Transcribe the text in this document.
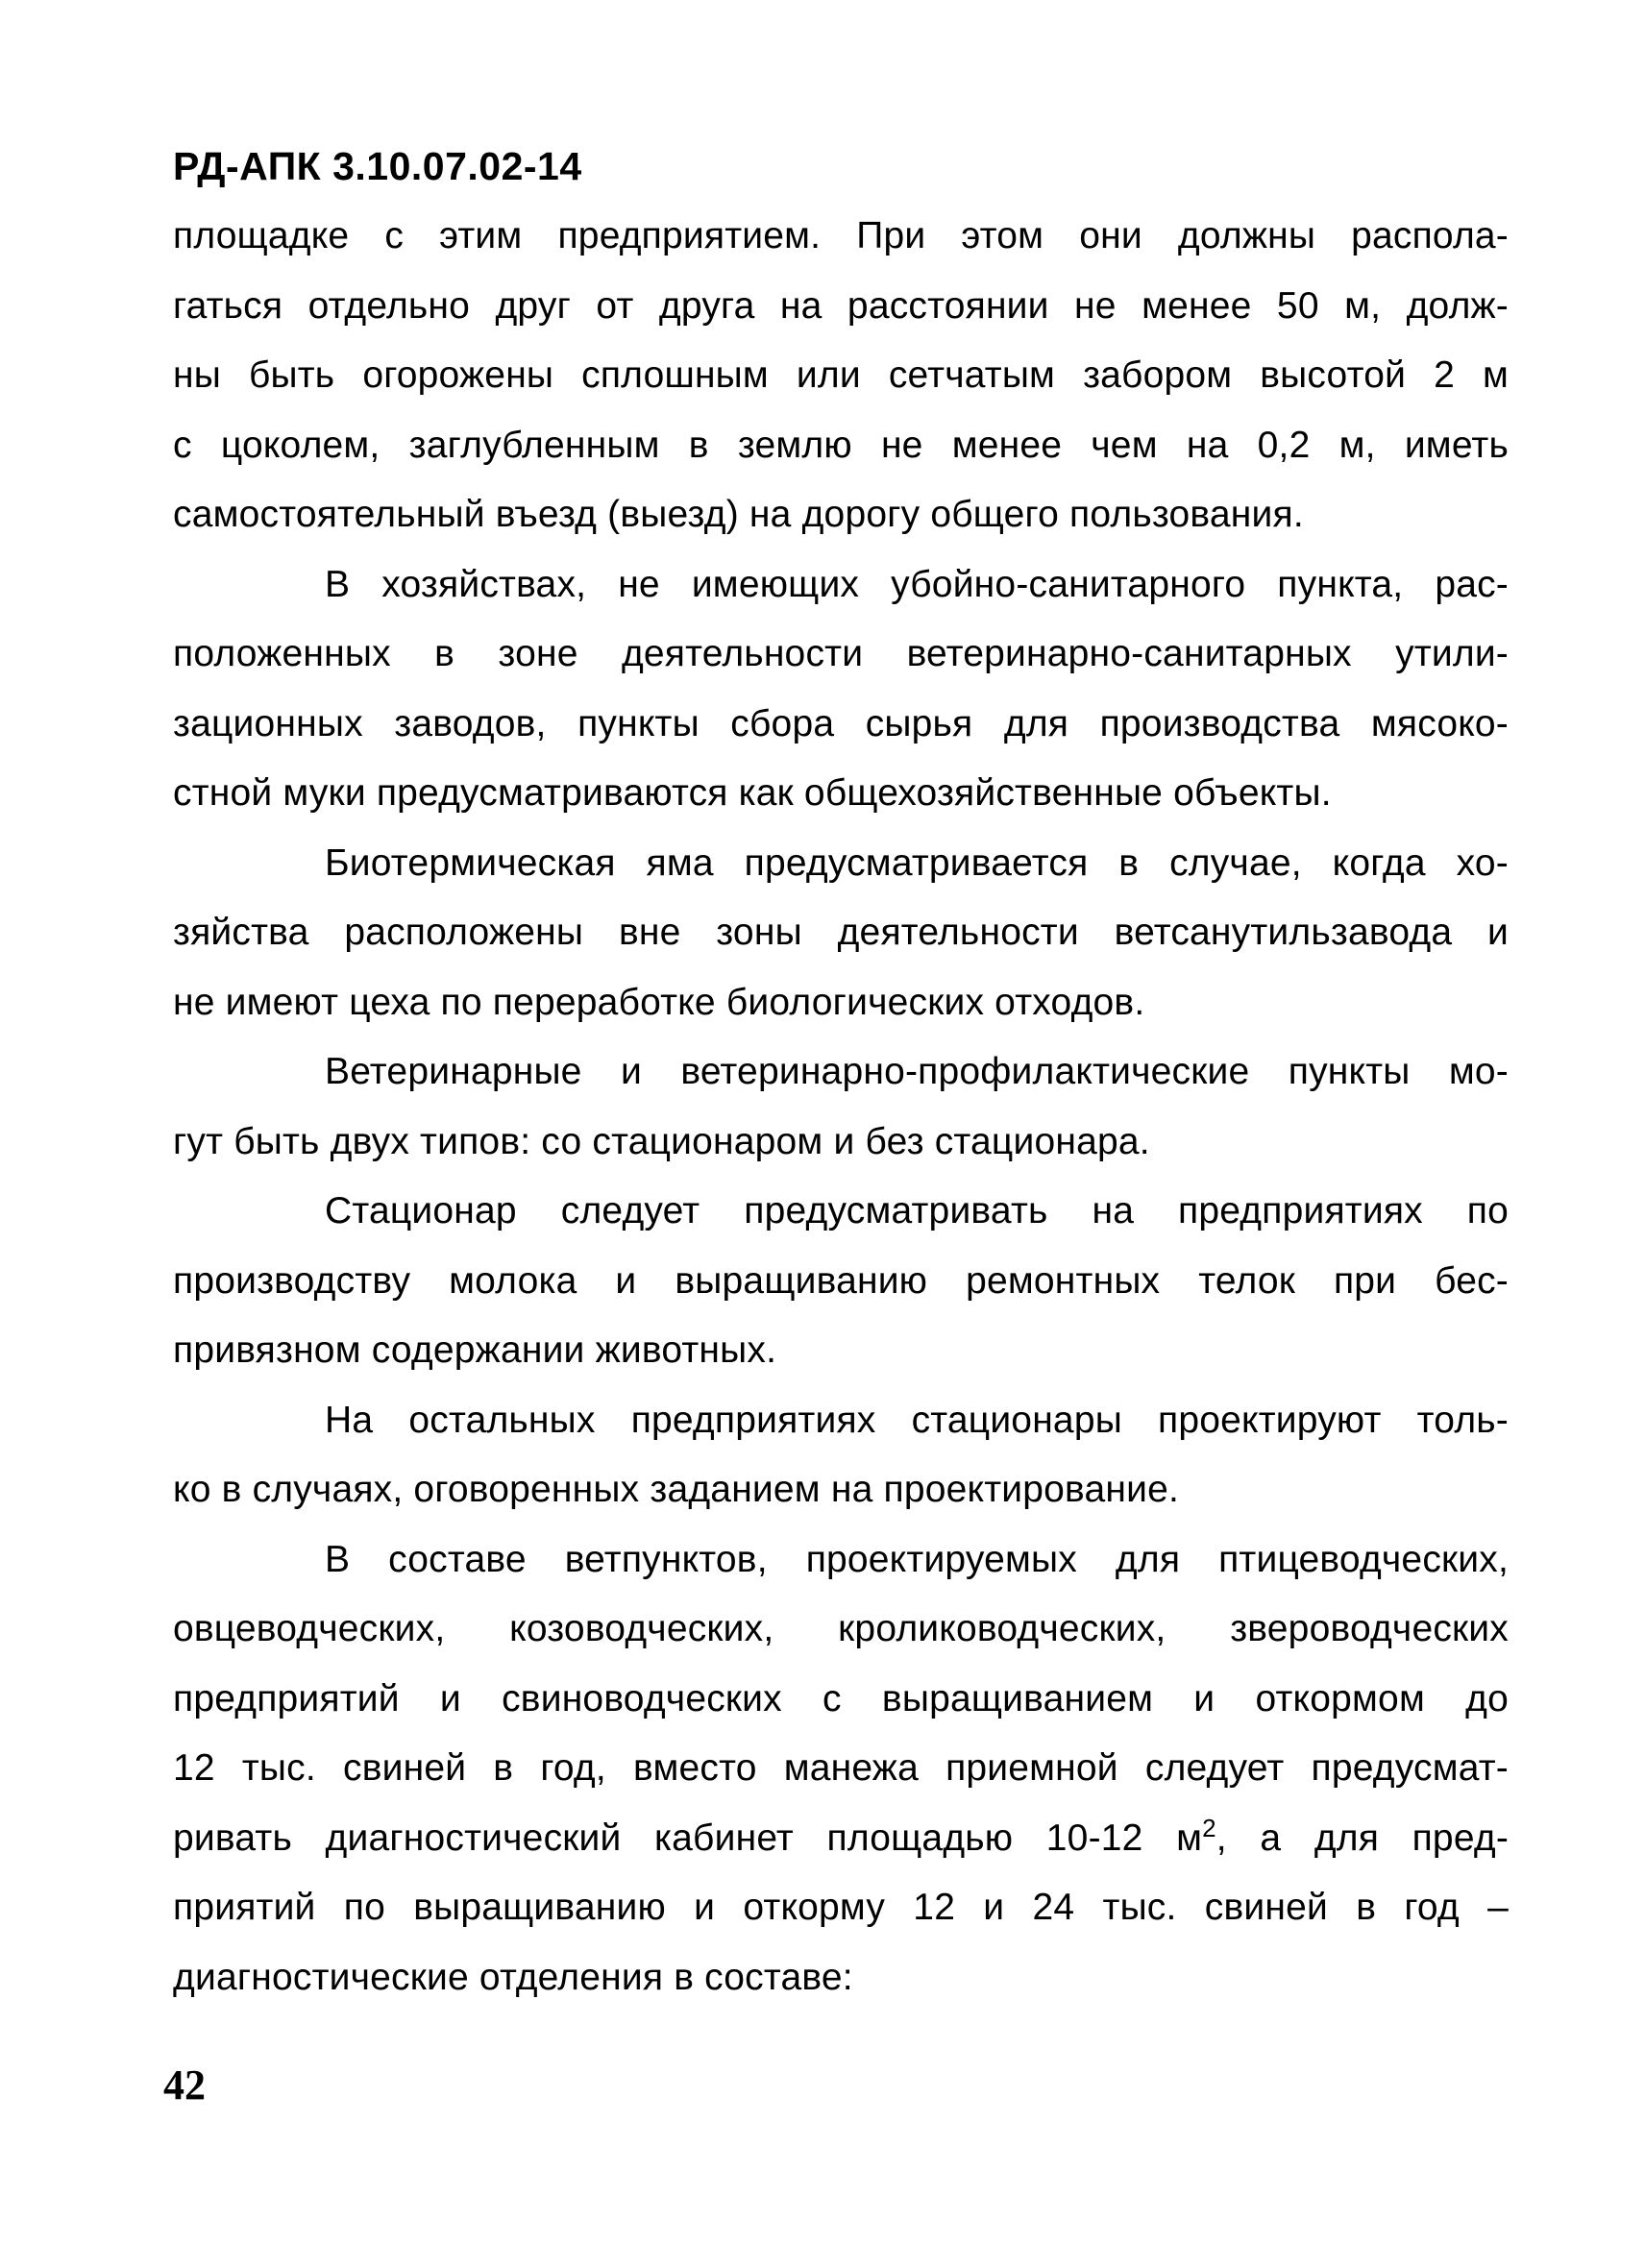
РД-АПК 3.10.07.02-14
площадке с этим предприятием. При этом они должны распола-
гаться отдельно друг от друга на расстоянии не менее 50 м, долж-
ны быть огорожены сплошным или сетчатым забором высотой 2 м
с цоколем, заглубленным в землю не менее чем на 0,2 м, иметь
самостоятельный въезд (выезд) на дорогу общего пользования.
В хозяйствах, не имеющих убойно-санитарного пункта, рас-
положенных в зоне деятельности ветеринарно-санитарных утили-
зационных заводов, пункты сбора сырья для производства мясоко-
стной муки предусматриваются как общехозяйственные объекты.
Биотермическая яма предусматривается в случае, когда хо-
зяйства расположены вне зоны деятельности ветсанутильзавода и
не имеют цеха по переработке биологических отходов.
Ветеринарные и ветеринарно-профилактические пункты мо-
гут быть двух типов: со стационаром и без стационара.
Стационар следует предусматривать на предприятиях по
производству молока и выращиванию ремонтных телок при бес-
привязном содержании животных.
На остальных предприятиях стационары проектируют толь-
ко в случаях, оговоренных заданием на проектирование.
В составе ветпунктов, проектируемых для птицеводческих,
овцеводческих, козоводческих, кролиководческих, звероводческих
предприятий и свиноводческих с выращиванием и откормом до
12 тыс. свиней в год, вместо манежа приемной следует предусмат-
ривать диагностический кабинет площадью 10-12 $м^2$, а для пред-
приятий по выращиванию и откорму 12 и 24 тыс. свиней в год –
диагностические отделения в составе:
42
